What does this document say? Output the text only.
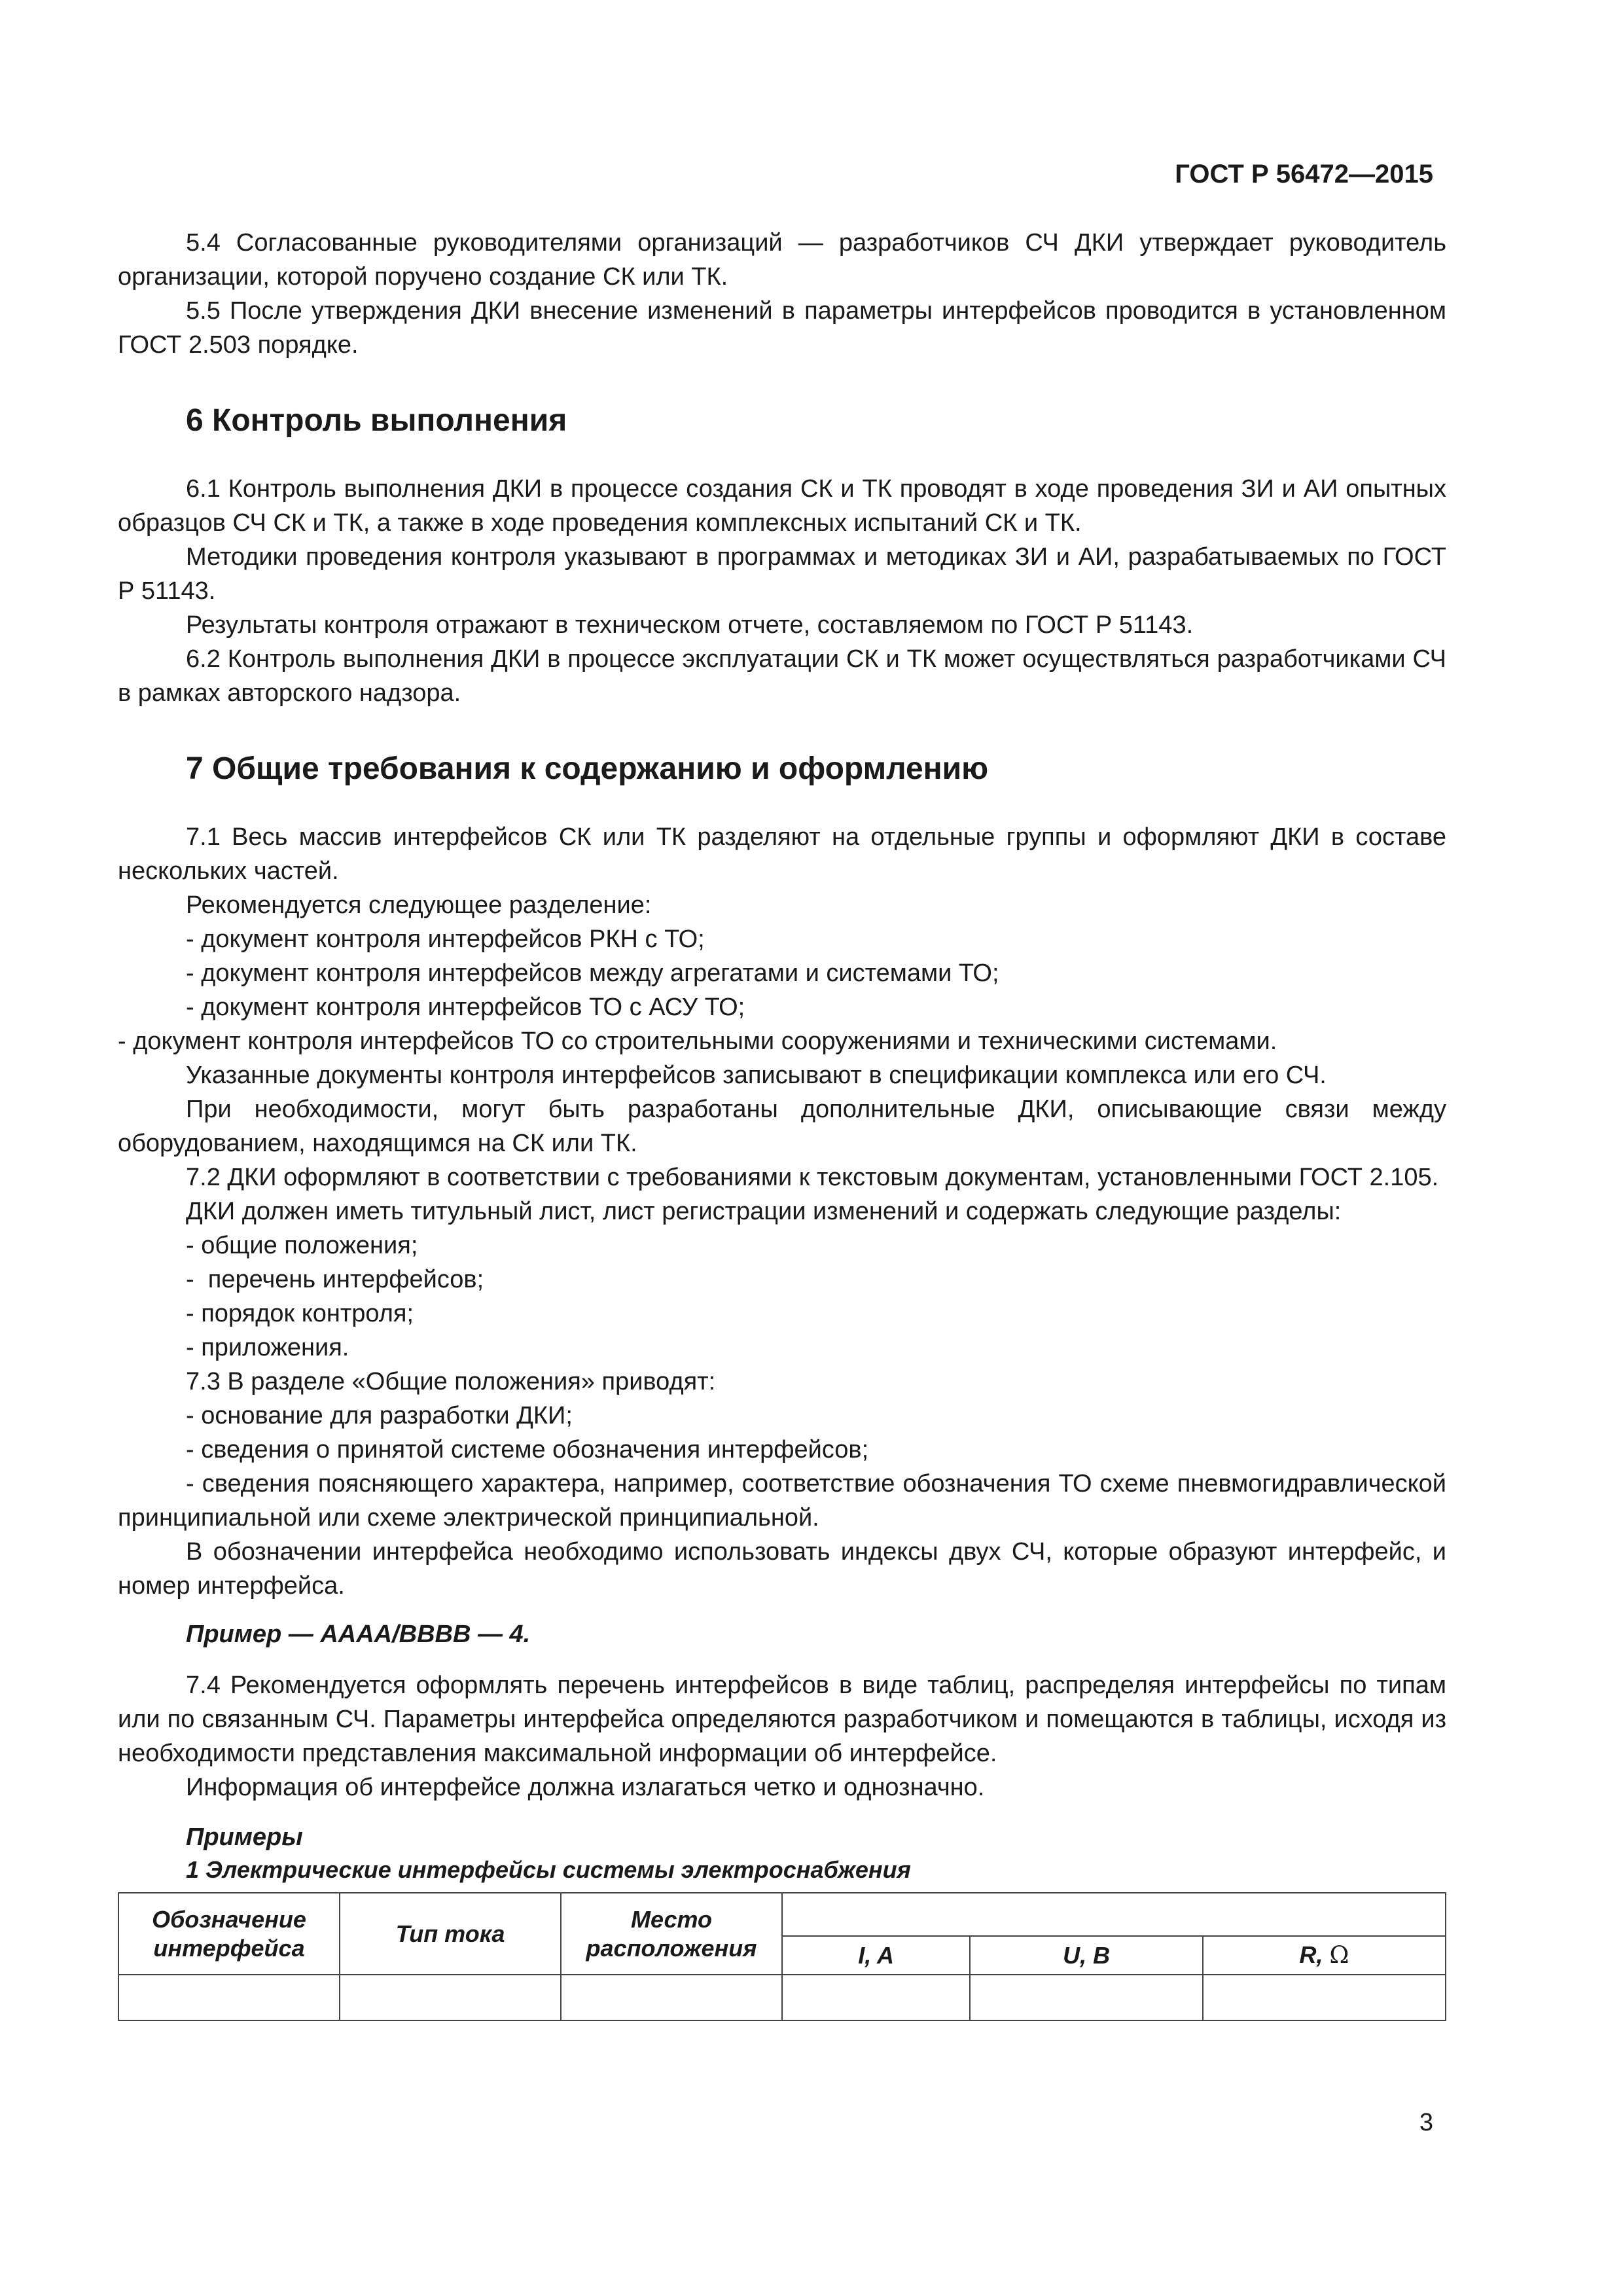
ГОСТ Р 56472—2015

5.4 Согласованные руководителями организаций — разработчиков СЧ ДКИ утверждает руководитель организации, которой поручено создание СК или ТК.

5.5 После утверждения ДКИ внесение изменений в параметры интерфейсов проводится в установленном ГОСТ 2.503 порядке.

6 Контроль выполнения

6.1 Контроль выполнения ДКИ в процессе создания СК и ТК проводят в ходе проведения ЗИ и АИ опытных образцов СЧ СК и ТК, а также в ходе проведения комплексных испытаний СК и ТК.

Методики проведения контроля указывают в программах и методиках ЗИ и АИ, разрабатываемых по ГОСТ Р 51143.

Результаты контроля отражают в техническом отчете, составляемом по ГОСТ Р 51143.

6.2 Контроль выполнения ДКИ в процессе эксплуатации СК и ТК может осуществляться разработчиками СЧ в рамках авторского надзора.

7 Общие требования к содержанию и оформлению

7.1 Весь массив интерфейсов СК или ТК разделяют на отдельные группы и оформляют ДКИ в составе нескольких частей.

Рекомендуется следующее разделение:

- документ контроля интерфейсов РКН с ТО;

- документ контроля интерфейсов между агрегатами и системами ТО;

- документ контроля интерфейсов ТО с АСУ ТО;

- документ контроля интерфейсов ТО со строительными сооружениями и техническими системами.

Указанные документы контроля интерфейсов записывают в спецификации комплекса или его СЧ.

При необходимости, могут быть разработаны дополнительные ДКИ, описывающие связи между оборудованием, находящимся на СК или ТК.

7.2 ДКИ оформляют в соответствии с требованиями к текстовым документам, установленными ГОСТ 2.105.

ДКИ должен иметь титульный лист, лист регистрации изменений и содержать следующие разделы:

- общие положения;

-  перечень интерфейсов;

- порядок контроля;

- приложения.

7.3 В разделе «Общие положения» приводят:

- основание для разработки ДКИ;

- сведения о принятой системе обозначения интерфейсов;

- сведения поясняющего характера, например, соответствие обозначения ТО схеме пневмогидравлической принципиальной или схеме электрической принципиальной.

В обозначении интерфейса необходимо использовать индексы двух СЧ, которые образуют интерфейс, и номер интерфейса.

Пример — АААА/ВВВВ — 4.

7.4 Рекомендуется оформлять перечень интерфейсов в виде таблиц, распределяя интерфейсы по типам или по связанным СЧ. Параметры интерфейса определяются разработчиком и помещаются в таблицы, исходя из необходимости представления максимальной информации об интерфейсе.

Информация об интерфейсе должна излагаться четко и однозначно.

Примеры

1 Электрические интерфейсы системы электроснабжения

Обозначение интерфейса	Тип тока	Место расположения			
			I, A	U, B	R, Ω

3
